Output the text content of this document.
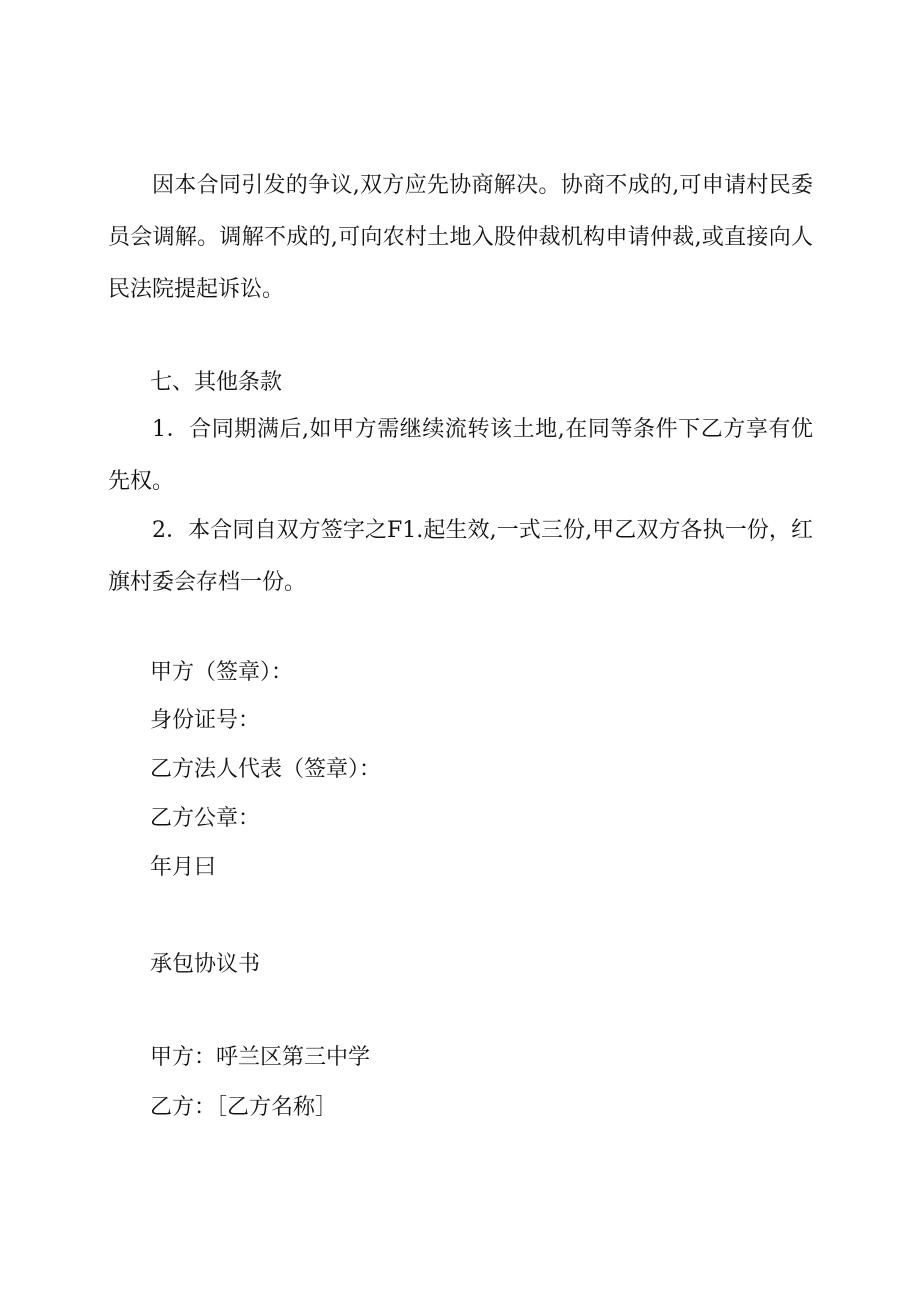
因本合同引发的争议,双方应先协商解决。协商不成的,可申请村民委员会调解。调解不成的,可向农村土地入股仲裁机构申请仲裁,或直接向人民法院提起诉讼。

七、其他条款

1．合同期满后,如甲方需继续流转该土地,在同等条件下乙方享有优先权。

2．本合同自双方签字之F1.起生效,一式三份,甲乙双方各执一份，红旗村委会存档一份。

甲方（签章）：

身份证号：

乙方法人代表（签章）：

乙方公章：

年月曰

承包协议书

甲方：呼兰区第三中学

乙方：［乙方名称］
